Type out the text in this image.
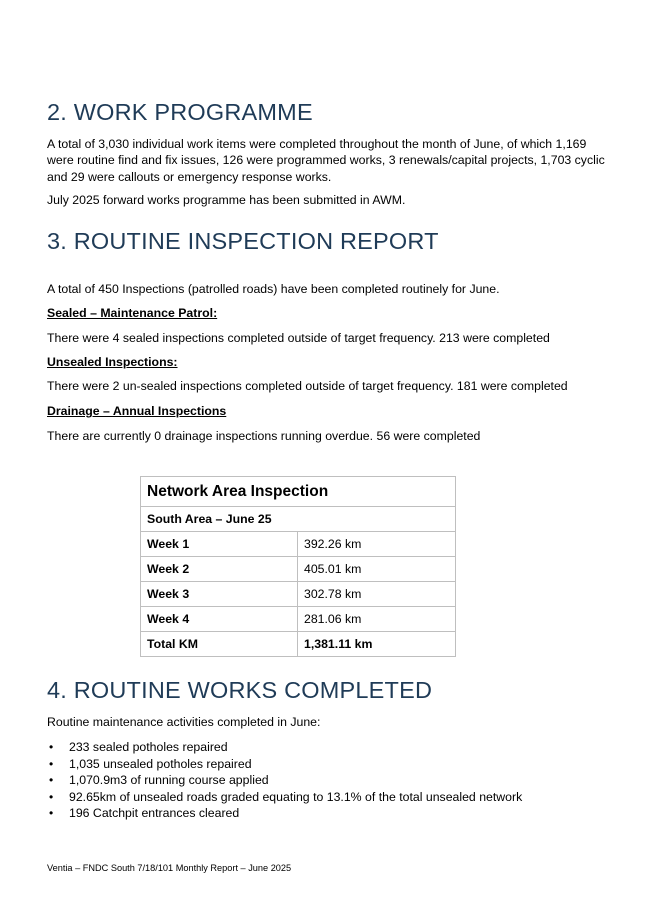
2. WORK PROGRAMME

A total of 3,030 individual work items were completed throughout the month of June, of which 1,169 were routine find and fix issues, 126 were programmed works, 3 renewals/capital projects, 1,703 cyclic and 29 were callouts or emergency response works.

July 2025 forward works programme has been submitted in AWM.

3. ROUTINE INSPECTION REPORT

A total of 450 Inspections (patrolled roads) have been completed routinely for June.

Sealed – Maintenance Patrol:

There were 4 sealed inspections completed outside of target frequency. 213 were completed

Unsealed Inspections:

There were 2 un-sealed inspections completed outside of target frequency. 181 were completed

Drainage – Annual Inspections

There are currently 0 drainage inspections running overdue. 56 were completed

Network Area Inspection	
South Area – June 25	
Week 1	392.26 km
Week 2	405.01 km
Week 3	302.78 km
Week 4	281.06 km
Total KM	1,381.11 km
4. ROUTINE WORKS COMPLETED

Routine maintenance activities completed in June:

• 233 sealed potholes repaired
• 1,035 unsealed potholes repaired
• 1,070.9m3 of running course applied
• 92.65km of unsealed roads graded equating to 13.1% of the total unsealed network
• 196 Catchpit entrances cleared
Ventia – FNDC South 7/18/101 Monthly Report – June 2025
